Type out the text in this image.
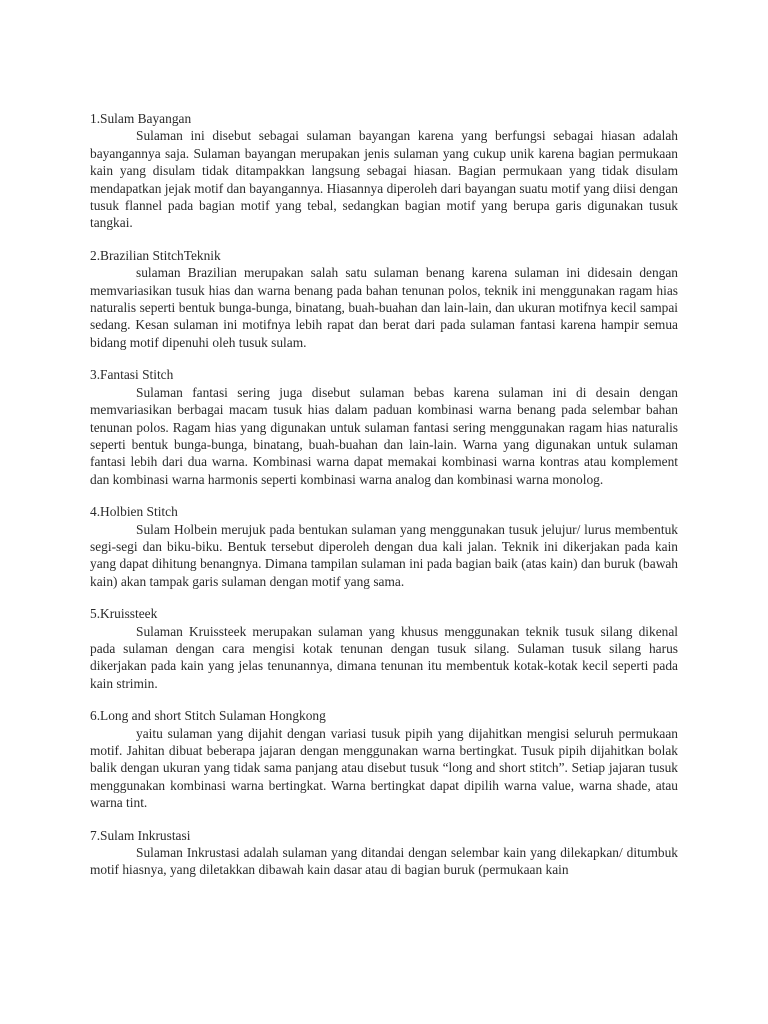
1.Sulam Bayangan

Sulaman ini disebut sebagai sulaman bayangan karena yang berfungsi sebagai hiasan adalah bayangannya saja. Sulaman bayangan merupakan jenis sulaman yang cukup unik karena bagian permukaan kain yang disulam tidak ditampakkan langsung sebagai hiasan. Bagian permukaan yang tidak disulam mendapatkan jejak motif dan bayangannya. Hiasannya diperoleh dari bayangan suatu motif yang diisi dengan tusuk flannel pada bagian motif yang tebal, sedangkan bagian motif yang berupa garis digunakan tusuk tangkai.

2.Brazilian StitchTeknik

sulaman Brazilian merupakan salah satu sulaman benang karena sulaman ini didesain dengan memvariasikan tusuk hias dan warna benang pada bahan tenunan polos, teknik ini menggunakan ragam hias naturalis seperti bentuk bunga-bunga, binatang, buah-buahan dan lain-lain, dan ukuran motifnya kecil sampai sedang. Kesan sulaman ini motifnya lebih rapat dan berat dari pada sulaman fantasi karena hampir semua bidang motif dipenuhi oleh tusuk sulam.

3.Fantasi Stitch

Sulaman fantasi sering juga disebut sulaman bebas karena sulaman ini di desain dengan memvariasikan berbagai macam tusuk hias dalam paduan kombinasi warna benang pada selembar bahan tenunan polos. Ragam hias yang digunakan untuk sulaman fantasi sering menggunakan ragam hias naturalis seperti bentuk bunga-bunga, binatang, buah-buahan dan lain-lain. Warna yang digunakan untuk sulaman fantasi lebih dari dua warna. Kombinasi warna dapat memakai kombinasi warna kontras atau komplement dan kombinasi warna harmonis seperti kombinasi warna analog dan kombinasi warna monolog.

4.Holbien Stitch

Sulam Holbein merujuk pada bentukan sulaman yang menggunakan tusuk jelujur/ lurus membentuk segi-segi dan biku-biku. Bentuk tersebut diperoleh dengan dua kali jalan. Teknik ini dikerjakan pada kain yang dapat dihitung benangnya. Dimana tampilan sulaman ini pada bagian baik (atas kain) dan buruk (bawah kain) akan tampak garis sulaman dengan motif yang sama.

5.Kruissteek

Sulaman Kruissteek merupakan sulaman yang khusus menggunakan teknik tusuk silang dikenal pada sulaman dengan cara mengisi kotak tenunan dengan tusuk silang. Sulaman tusuk silang harus dikerjakan pada kain yang jelas tenunannya, dimana tenunan itu membentuk kotak-kotak kecil seperti pada kain strimin.

6.Long and short Stitch Sulaman Hongkong

yaitu sulaman yang dijahit dengan variasi tusuk pipih yang dijahitkan mengisi seluruh permukaan motif. Jahitan dibuat beberapa jajaran dengan menggunakan warna bertingkat. Tusuk pipih dijahitkan bolak balik dengan ukuran yang tidak sama panjang atau disebut tusuk “long and short stitch”. Setiap jajaran tusuk menggunakan kombinasi warna bertingkat. Warna bertingkat dapat dipilih warna value, warna shade, atau warna tint.

7.Sulam Inkrustasi

Sulaman Inkrustasi adalah sulaman yang ditandai dengan selembar kain yang dilekapkan/ ditumbuk motif hiasnya, yang diletakkan dibawah kain dasar atau di bagian buruk (permukaan kain
